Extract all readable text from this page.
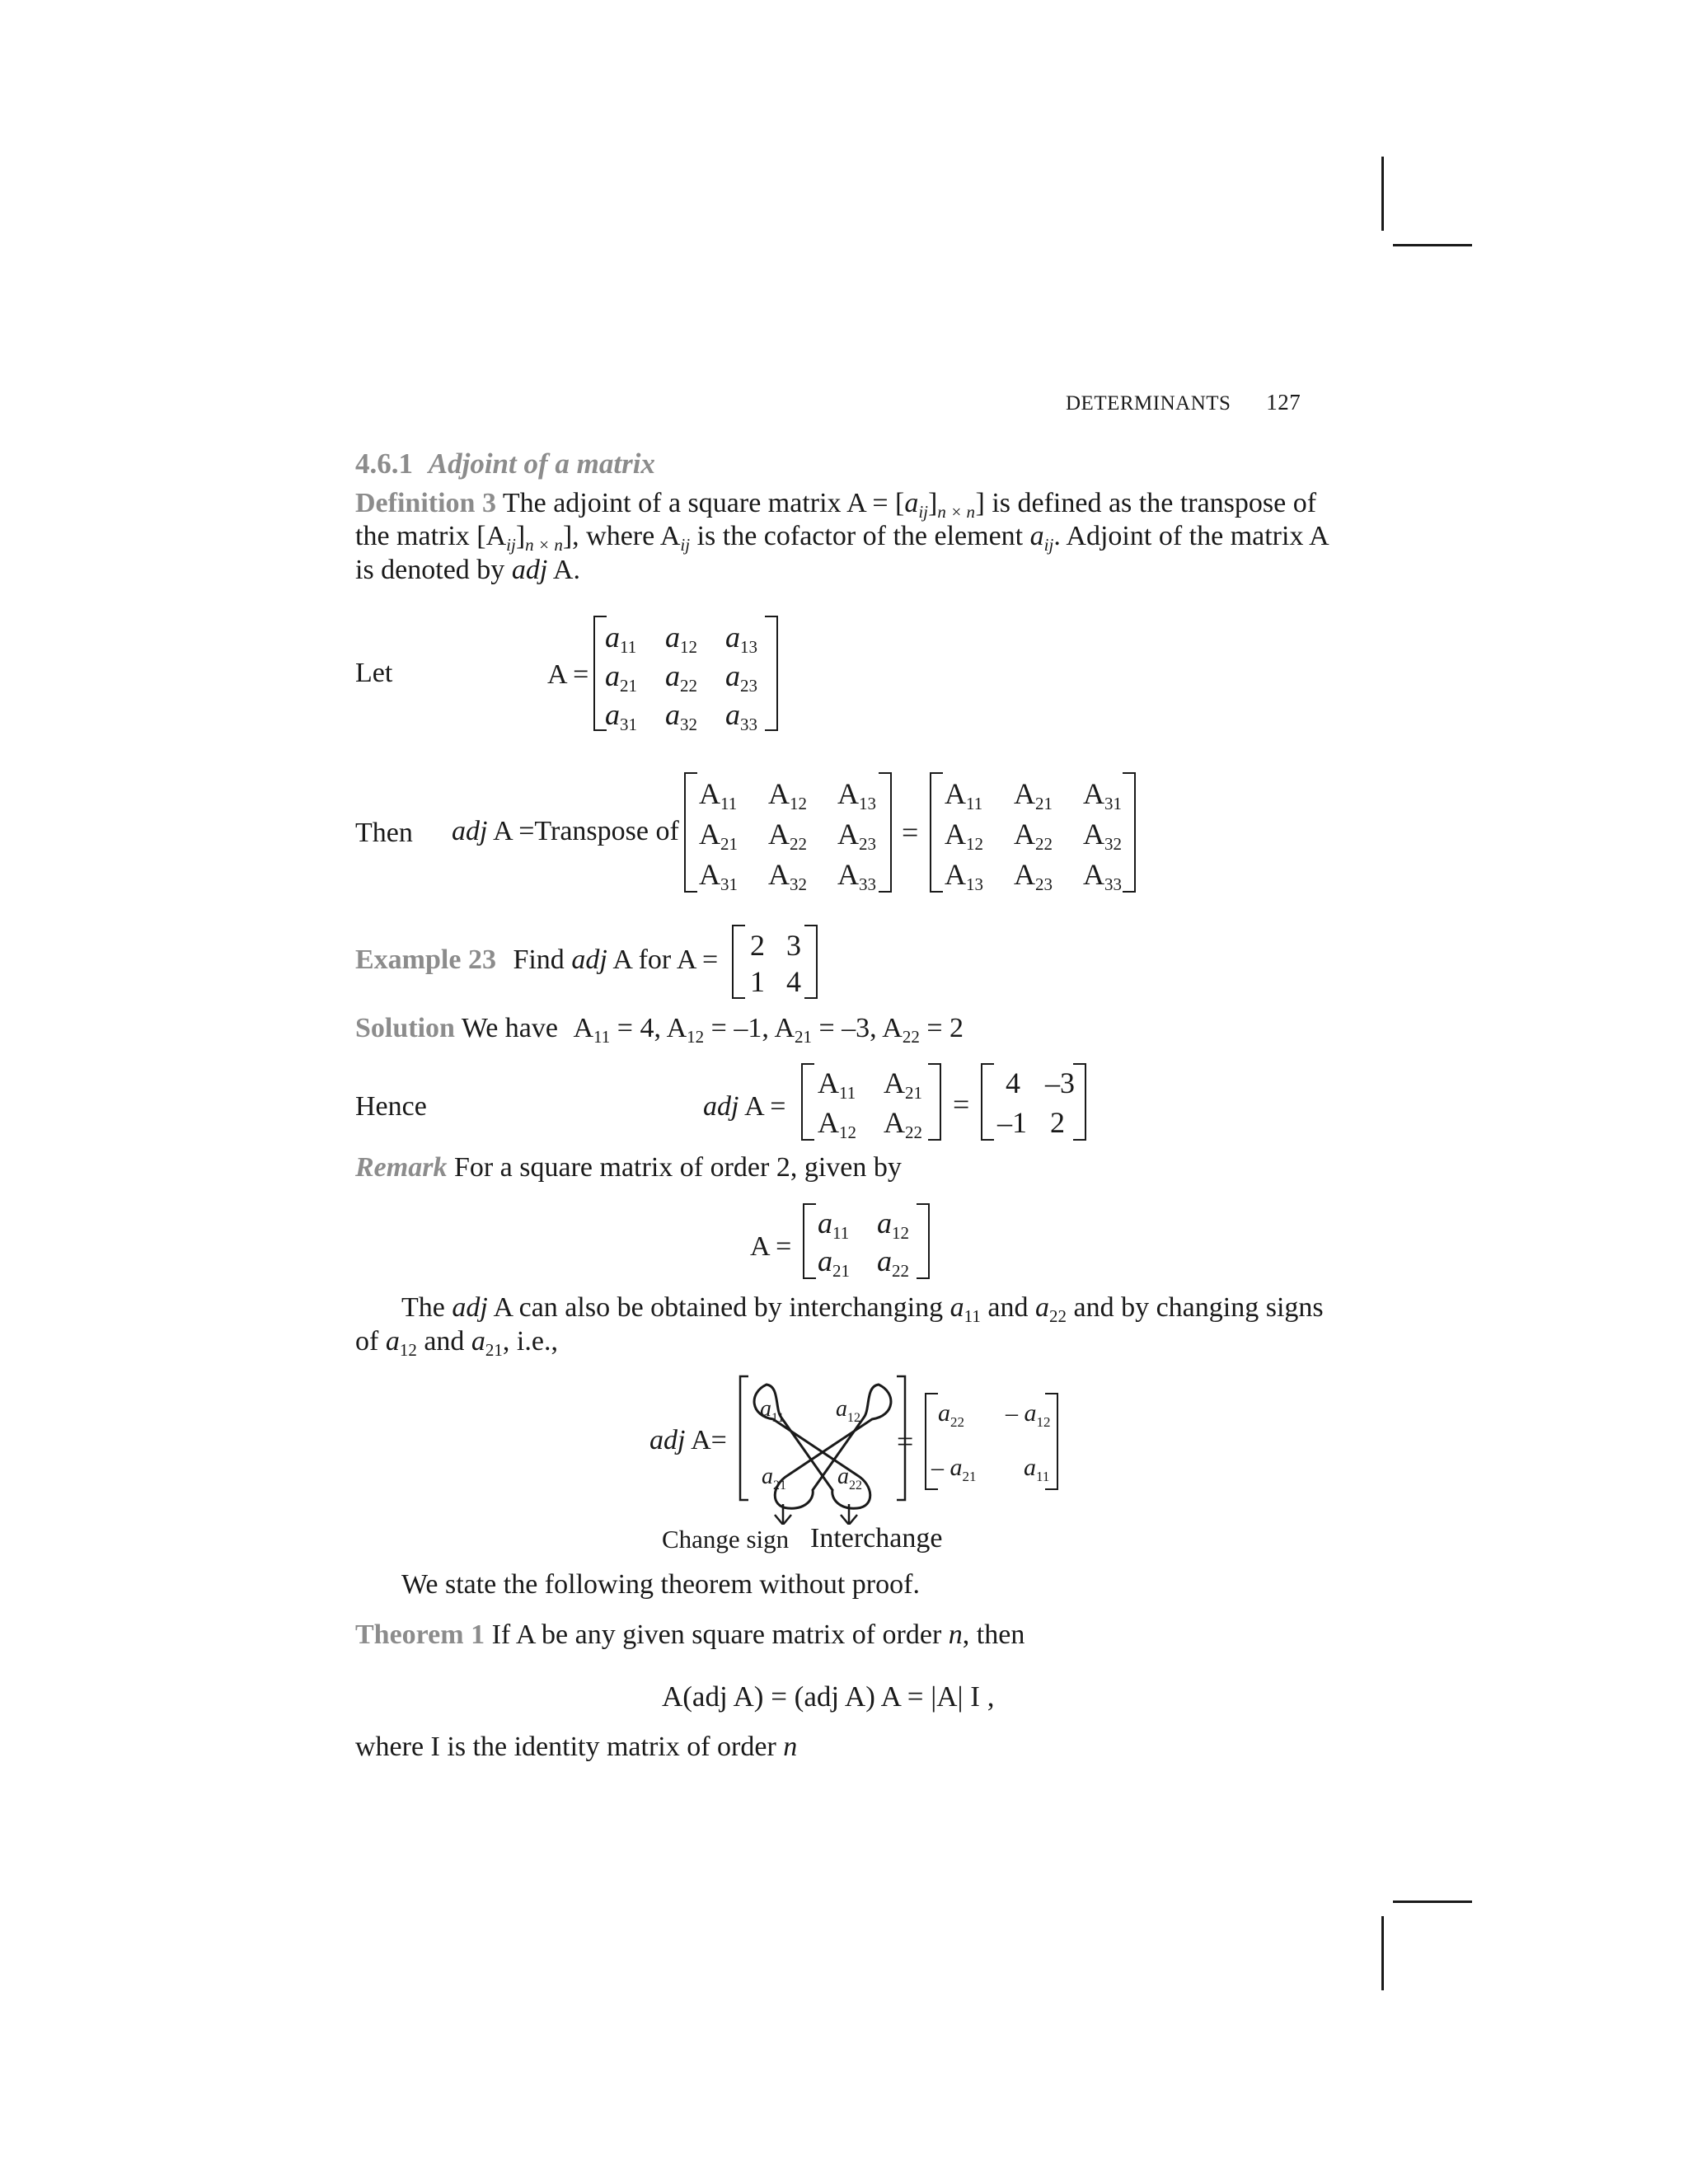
DETERMINANTS 127
4.6.1 Adjoint of a matrix
Definition 3 The adjoint of a square matrix $A = [a_{ij}]_{n \times n}$ ] is defined as the transpose of
the matrix $[A_{ij}]_{n \times n}$], where $A_{ij}$ is the cofactor of the element $a_{ij}$. Adjoint of the matrix A
is denoted by adj A.
Let	A =
$a_{11}$ $a_{12}$ $a_{13}$
$a_{21}$ $a_{22}$ $a_{23}$
$a_{31}$ $a_{32}$ $a_{33}$
Then adj A =Transpose of
$A_{11}$ $A_{12}$ $A_{13}$
$A_{21}$ $A_{22}$ $A_{23}$
$A_{31}$ $A_{32}$ $A_{33}$
=
$A_{11}$ $A_{21}$ $A_{31}$
$A_{12}$ $A_{22}$ $A_{32}$
$A_{13}$ $A_{23}$ $A_{33}$
Example 23 Find adj A for A = 2 3
1 4
Solution We have $A_{11} = 4$, $A_{12} = -1$, $A_{21} = -3$, $A_{22} = 2$
Hence	adj A =
$A_{11}$ $A_{21}$
$A_{12}$ $A_{22}$
=
4 –3
–1 2
Remark For a square matrix of order 2, given by
A =
$a_{11}$ $a_{12}$
$a_{21}$ $a_{22}$
The adj A can also be obtained by interchanging $a_{11}$ and $a_{22}$ and by changing signs
of $a_{12}$ and $a_{21}$, i.e.,
adj A=
$a_{11}$ $a_{12}$
$a_{21}$ $a_{22}$
=
$a_{22} - a_{12}$
– $a_{21}$ $a_{11}$
Change sign Interchange
We state the following theorem without proof.
Theorem 1 If A be any given square matrix of order n, then
A(adj A) = (adj A) A = |A| I ,
where I is the identity matrix of order n
